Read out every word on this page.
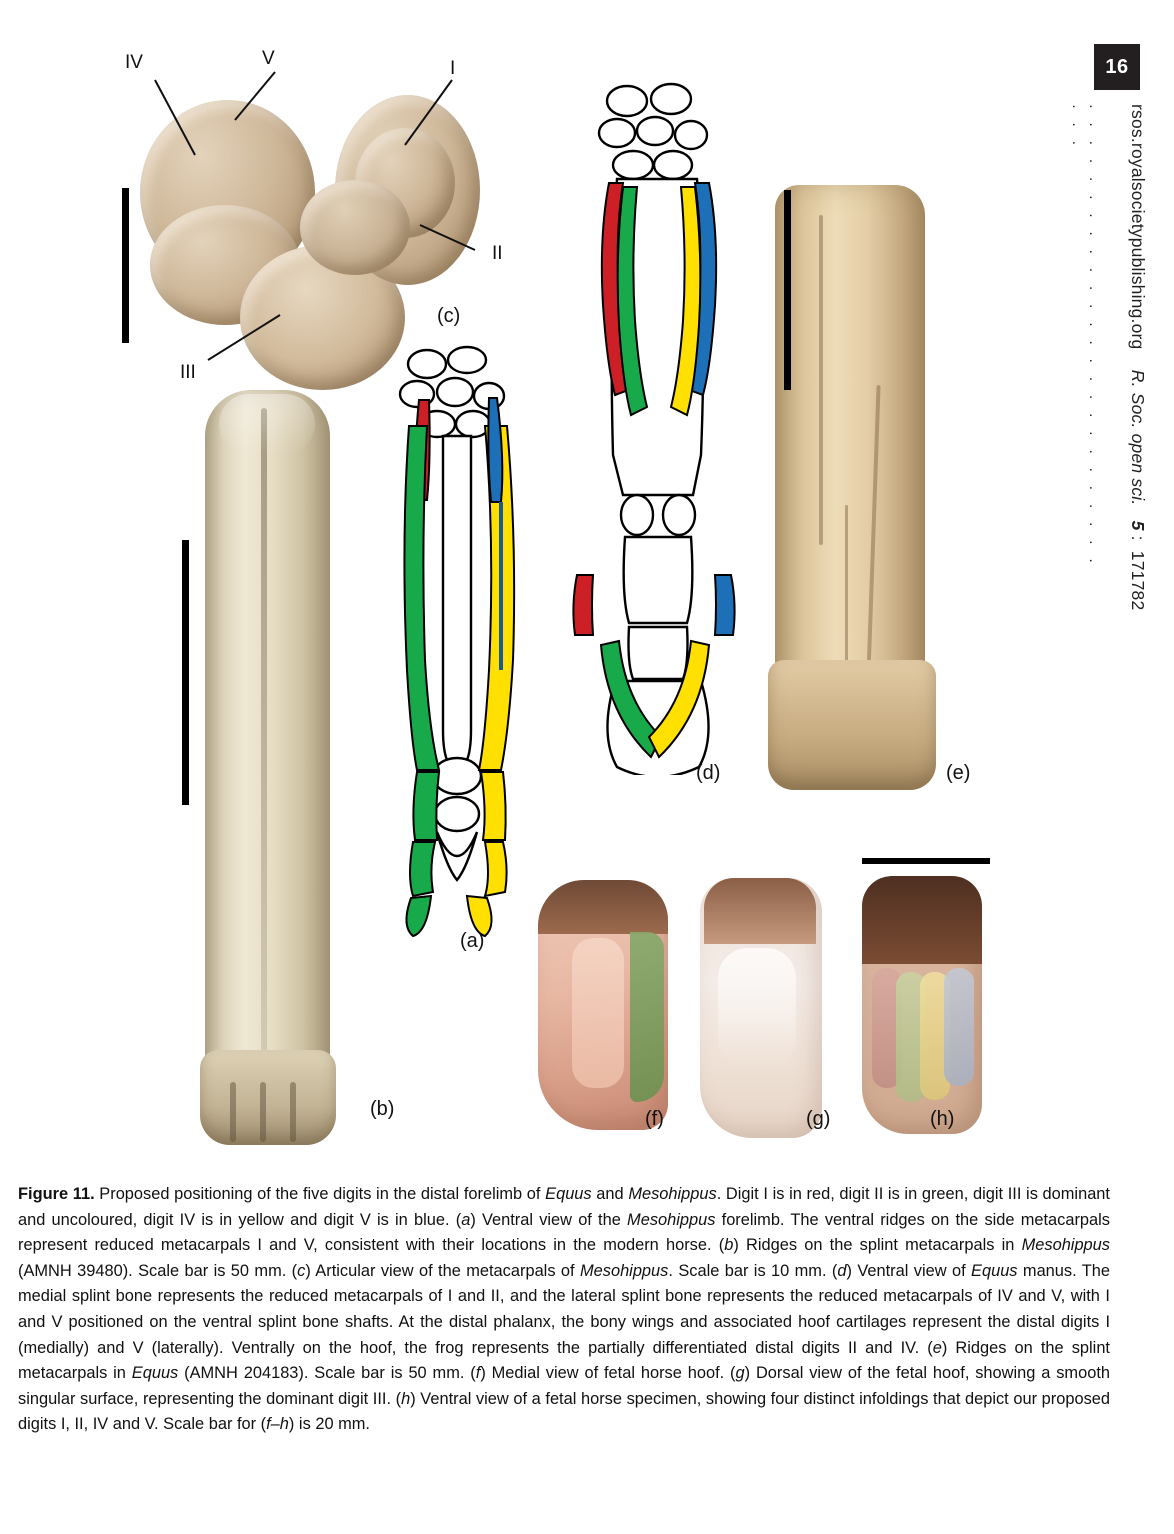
IV	V	I
II
III
(a)
(b)
(c)
(d)	(e)
(f)	(g)	(h)
16
· · · · · · · · · · · · · · · · · · · · · · · · · · · · ·	rsos.royalsocietypublishing.org    R. Soc. open sci.   5 :  171782
Figure 11. Proposed positioning of the five digits in the distal forelimb of Equus and Mesohippus. Digit I is in red, digit II is in green, digit III is dominant and uncoloured, digit IV is in yellow and digit V is in blue. (a) Ventral view of the Mesohippus forelimb. The ventral ridges on the side metacarpals represent reduced metacarpals I and V, consistent with their locations in the modern horse. (b) Ridges on the splint metacarpals in Mesohippus (AMNH 39480). Scale bar is 50 mm. (c) Articular view of the metacarpals of Mesohippus. Scale bar is 10 mm. (d) Ventral view of Equus manus. The medial splint bone represents the reduced metacarpals of I and II, and the lateral splint bone represents the reduced metacarpals of IV and V, with I and V positioned on the ventral splint bone shafts. At the distal phalanx, the bony wings and associated hoof cartilages represent the distal digits I (medially) and V (laterally). Ventrally on the hoof, the frog represents the partially differentiated distal digits II and IV. (e) Ridges on the splint metacarpals in Equus (AMNH 204183). Scale bar is 50 mm. (f) Medial view of fetal horse hoof. (g) Dorsal view of the fetal hoof, showing a smooth singular surface, representing the dominant digit III. (h) Ventral view of a fetal horse specimen, showing four distinct infoldings that depict our proposed digits I, II, IV and V. Scale bar for (f–h) is 20 mm.
